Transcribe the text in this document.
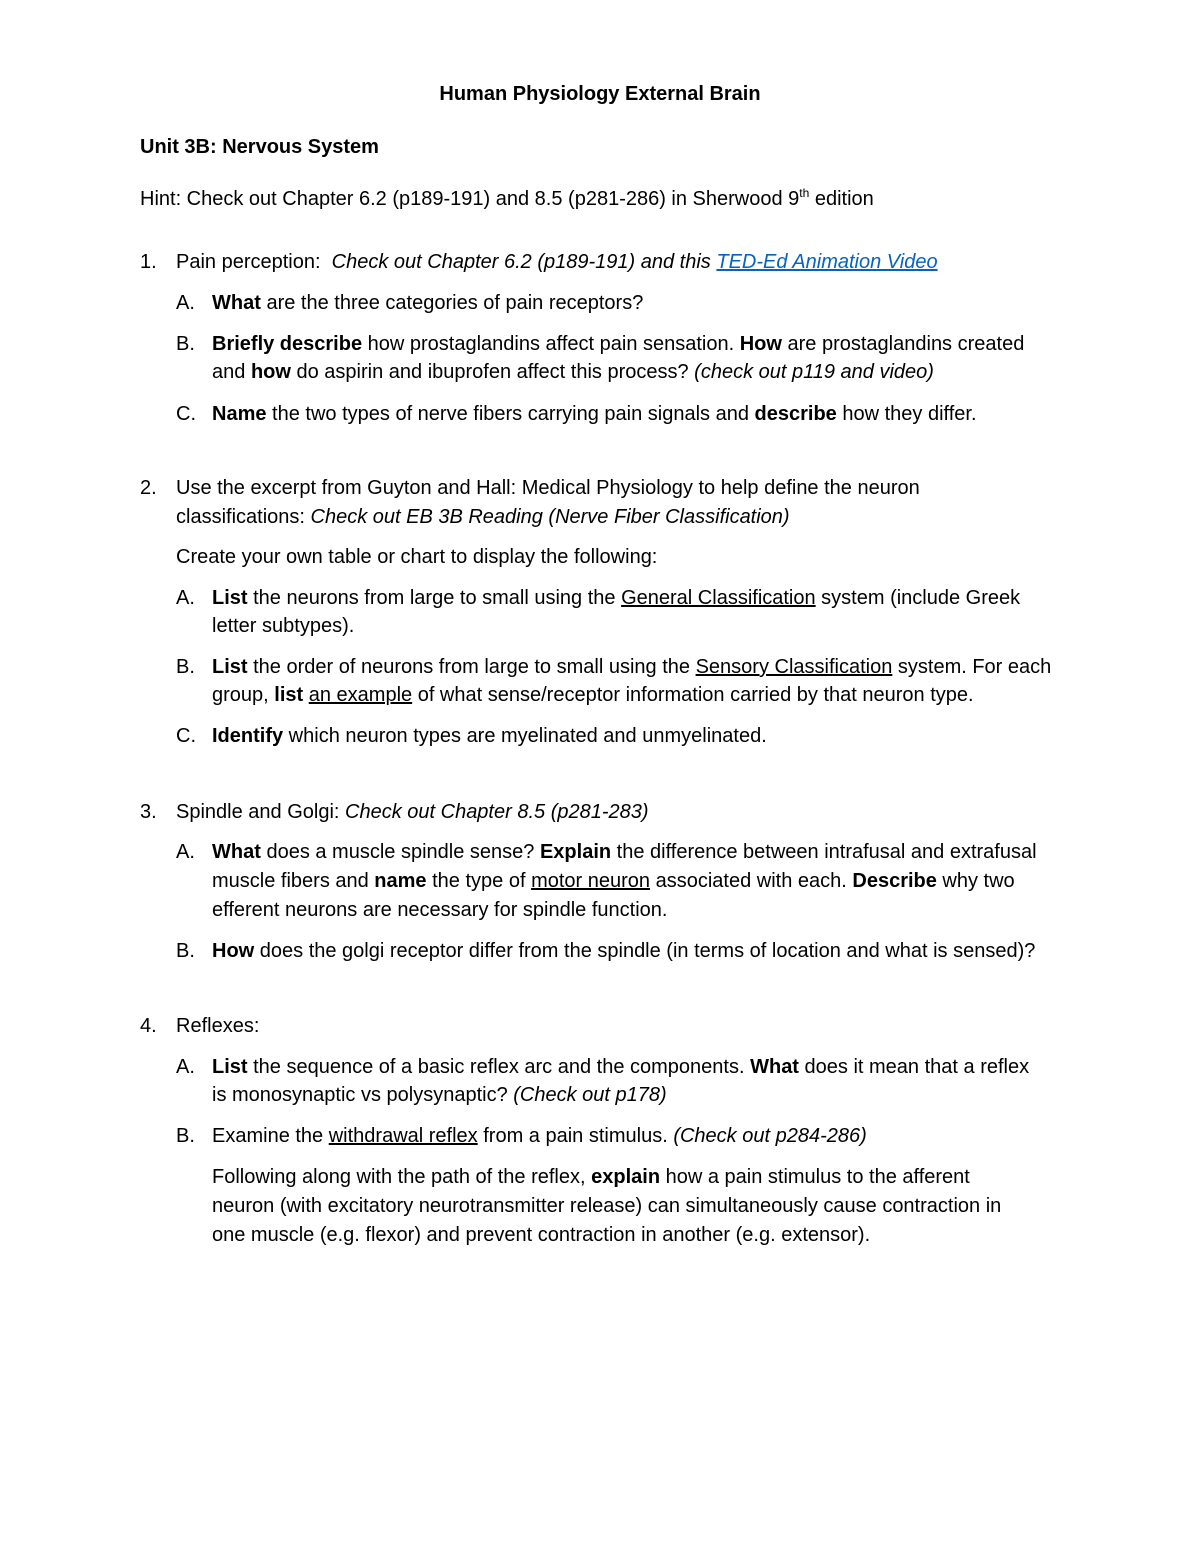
Human Physiology External Brain
Unit 3B: Nervous System
Hint: Check out Chapter 6.2 (p189-191) and 8.5 (p281-286) in Sherwood 9th edition
1. Pain perception: Check out Chapter 6.2 (p189-191) and this TED-Ed Animation Video
A. What are the three categories of pain receptors?
B. Briefly describe how prostaglandins affect pain sensation. How are prostaglandins created
and how do aspirin and ibuprofen affect this process? (check out p119 and video)
C. Name the two types of nerve fibers carrying pain signals and describe how they differ.
2. Use the excerpt from Guyton and Hall: Medical Physiology to help define the neuron
classifications: Check out EB 3B Reading (Nerve Fiber Classification)
Create your own table or chart to display the following:
A. List the neurons from large to small using the General Classification system (include Greek
letter subtypes).
B. List the order of neurons from large to small using the Sensory Classification system. For each
group, list an example of what sense/receptor information carried by that neuron type.
C. Identify which neuron types are myelinated and unmyelinated.
3. Spindle and Golgi: Check out Chapter 8.5 (p281-283)
A. What does a muscle spindle sense? Explain the difference between intrafusal and extrafusal
muscle fibers and name the type of motor neuron associated with each. Describe why two
efferent neurons are necessary for spindle function.
B. How does the golgi receptor differ from the spindle (in terms of location and what is sensed)?
4. Reflexes:
A. List the sequence of a basic reflex arc and the components. What does it mean that a reflex
is monosynaptic vs polysynaptic? (Check out p178)
B. Examine the withdrawal reflex from a pain stimulus. (Check out p284-286)
Following along with the path of the reflex, explain how a pain stimulus to the afferent
neuron (with excitatory neurotransmitter release) can simultaneously cause contraction in
one muscle (e.g. flexor) and prevent contraction in another (e.g. extensor).
